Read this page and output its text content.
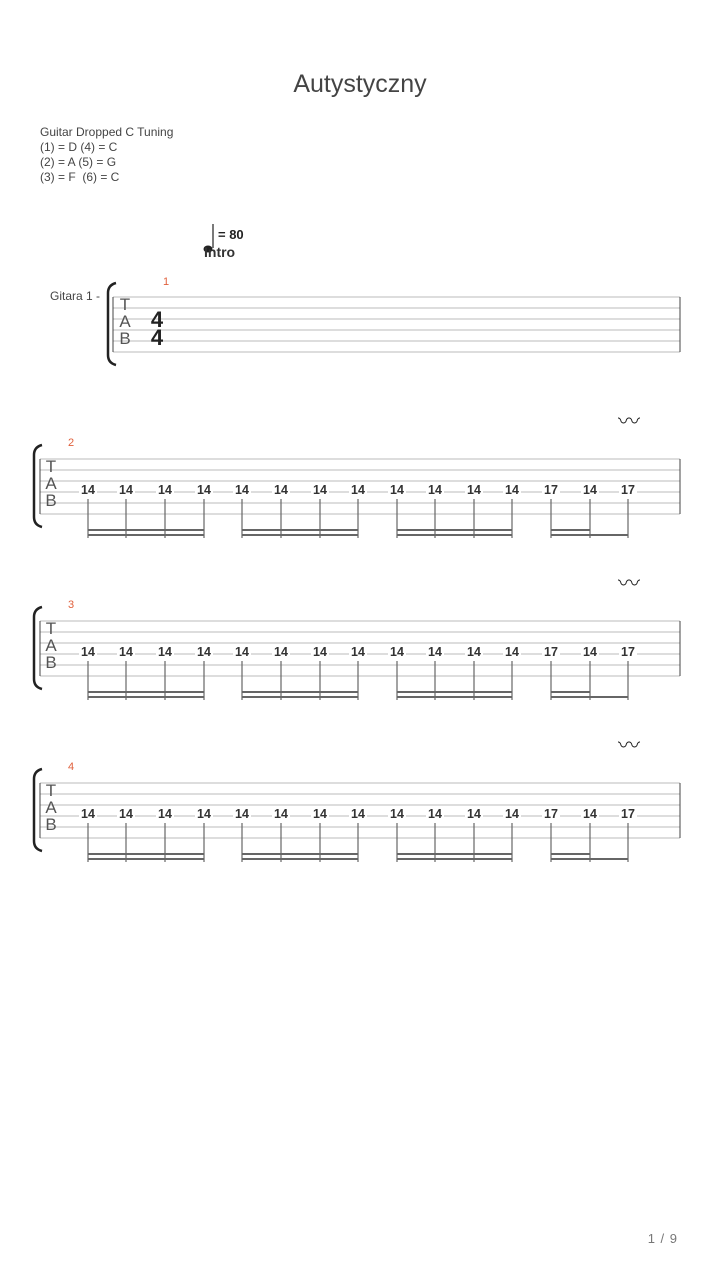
Autystyczny
Guitar Dropped C Tuning
(1) = D (4) = C
(2) = A (5) = G
(3) = F  (6) = C
Gitara 1 - T
A
B
4
4
1
= 80
Intro
T
A
B
2
〰
14 14 14 14 14 14 14 14 14 14 14 14 17 14 17
T
A
B
3
〰
14 14 14 14 14 14 14 14 14 14 14 14 17 14 17
T
A
B
4
〰
14 14 14 14 14 14 14 14 14 14 14 14 17 14 17
1 / 9
